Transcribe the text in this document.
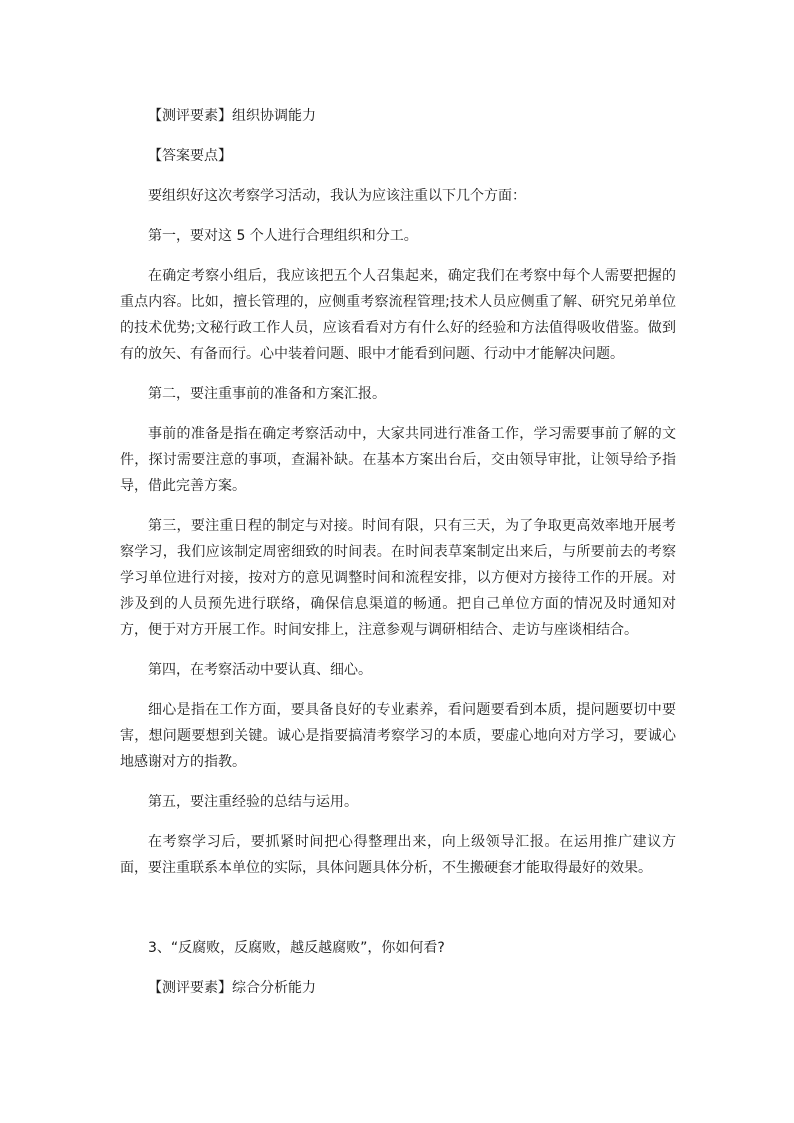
【测评要素】组织协调能力

【答案要点】

要组织好这次考察学习活动，我认为应该注重以下几个方面：

第一，要对这 5 个人进行合理组织和分工。

在确定考察小组后，我应该把五个人召集起来，确定我们在考察中每个人需要把握的重点内容。比如，擅长管理的，应侧重考察流程管理;技术人员应侧重了解、研究兄弟单位的技术优势;文秘行政工作人员，应该看看对方有什么好的经验和方法值得吸收借鉴。做到有的放矢、有备而行。心中装着问题、眼中才能看到问题、行动中才能解决问题。

第二，要注重事前的准备和方案汇报。

事前的准备是指在确定考察活动中，大家共同进行准备工作，学习需要事前了解的文件，探讨需要注意的事项，查漏补缺。在基本方案出台后，交由领导审批，让领导给予指导，借此完善方案。

第三，要注重日程的制定与对接。时间有限，只有三天，为了争取更高效率地开展考察学习，我们应该制定周密细致的时间表。在时间表草案制定出来后，与所要前去的考察学习单位进行对接，按对方的意见调整时间和流程安排，以方便对方接待工作的开展。对涉及到的人员预先进行联络，确保信息渠道的畅通。把自己单位方面的情况及时通知对方，便于对方开展工作。时间安排上，注意参观与调研相结合、走访与座谈相结合。

第四，在考察活动中要认真、细心。

细心是指在工作方面，要具备良好的专业素养，看问题要看到本质，提问题要切中要害，想问题要想到关键。诚心是指要搞清考察学习的本质，要虚心地向对方学习，要诚心地感谢对方的指教。

第五，要注重经验的总结与运用。

在考察学习后，要抓紧时间把心得整理出来，向上级领导汇报。在运用推广建议方面，要注重联系本单位的实际，具体问题具体分析，不生搬硬套才能取得最好的效果。

3、“反腐败，反腐败，越反越腐败”，你如何看?

【测评要素】综合分析能力
